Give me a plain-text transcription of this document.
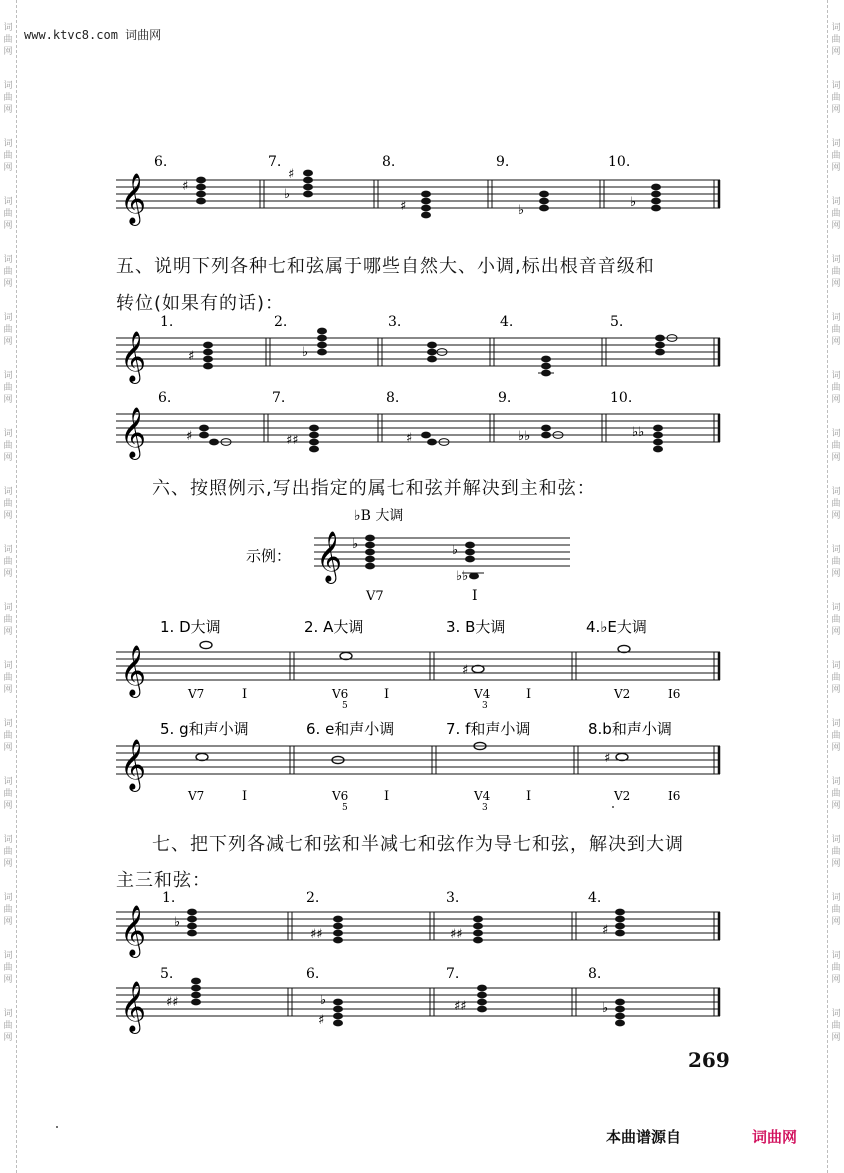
词
曲
网
词
曲
网
词
曲
网
词
曲
网
词
曲
网
词
曲
网
词
曲
网
词
曲
网
词
曲
网
词
曲
网
词
曲
网
词
曲
网
词
曲
网
词
曲
网
词
曲
网
词
曲
网
词
曲
网
词
曲
网
词
曲
网
词
曲
网
词
曲
网
词
曲
网
词
曲
网
词
曲
网
词
曲
网
词
曲
网
词
曲
网
词
曲
网
词
曲
网
词
曲
网
词
曲
网
词
曲
网
词
曲
网
词
曲
网
词
曲
网
词
曲
网
www.ktvc8.com 词曲网
𝄞
6.	7.	8.	9.	10.
♯
♯
♭
♯	♭
♭
五、说明下列各种七和弦属于哪些自然大、小调,标出根音音级和
转位(如果有的话)：
𝄞
1.	2.	3.	4.	5.
♯	♭
𝄞
6.	7.	8.	9.	10.
♯	♯♯	♯	♭♭	♭♭
六、按照例示,写出指定的属七和弦并解决到主和弦：
♭B 大调
示例： 𝄞 ♭	♭
♭♭
V7	I
1. D大调	2. A大调	3. B大调	4.♭E大调
𝄞	♯
V7	I	V6
5
I	V4
3
I	V2	I6
5. g和声小调	6. e和声小调	7. f和声小调	8.b和声小调
𝄞	♯
V7	I	V6
5
I	V4
3
I	V2	I6
七、把下列各减七和弦和半减七和弦作为导七和弦，解决到大调
主三和弦：
𝄞
1.	2.	3.	4.
♭
♯♯	♯♯	♯
𝄞
5.	6.	7.	8.
♯♯	♭
♯
♯♯	♭
269
本曲谱源自	词曲网
